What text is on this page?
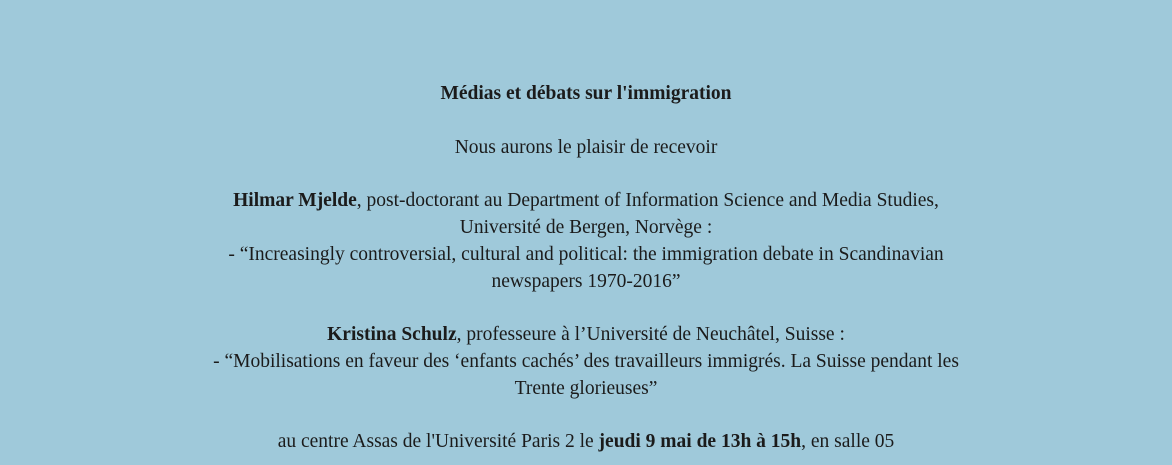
Médias et débats sur l'immigration
Nous aurons le plaisir de recevoir
Hilmar Mjelde, post-doctorant au Department of Information Science and Media Studies,
Université de Bergen, Norvège :
- “Increasingly controversial, cultural and political: the immigration debate in Scandinavian
newspapers 1970-2016”
Kristina Schulz, professeure à l’Université de Neuchâtel, Suisse :
- “Mobilisations en faveur des ‘enfants cachés’ des travailleurs immigrés. La Suisse pendant les
Trente glorieuses”
au centre Assas de l'Université Paris 2 le jeudi 9 mai de 13h à 15h, en salle 05
